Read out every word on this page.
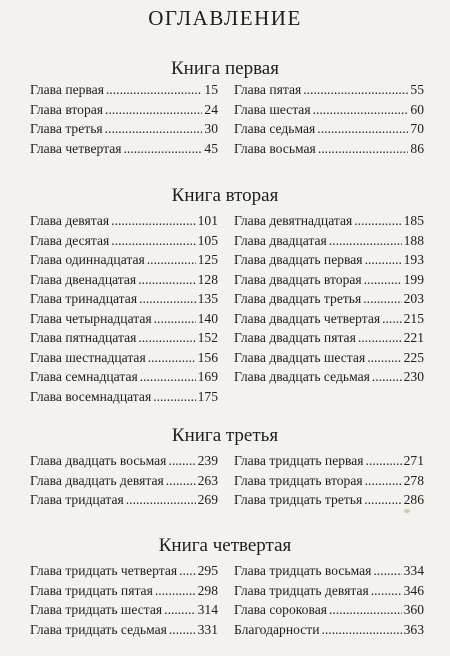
ОГЛАВЛЕНИЕ
Книга первая
Глава первая .....	15
Глава вторая .....	24
Глава третья .....	30
Глава четвертая .....	45
Глава пятая .....	55
Глава шестая .....	60
Глава седьмая .....	70
Глава восьмая .....	86
Книга вторая
Глава девятая .....	101
Глава десятая .....	105
Глава одиннадцатая .....	125
Глава двенадцатая .....	128
Глава тринадцатая .....	135
Глава четырнадцатая .....	140
Глава пятнадцатая .....	152
Глава шестнадцатая .....	156
Глава семнадцатая .....	169
Глава восемнадцатая .....	175
Глава девятнадцатая .....	185
Глава двадцатая .....	188
Глава двадцать первая .....	193
Глава двадцать вторая .....	199
Глава двадцать третья .....	203
Глава двадцать четвертая ..... 215
Глава двадцать пятая .....	221
Глава двадцать шестая .....	225
Глава двадцать седьмая ..... 230
Книга третья
Глава двадцать восьмая ..... 239
Глава двадцать девятая ..... 263
Глава тридцатая .....	269
Глава тридцать первая .....	271
Глава тридцать вторая .....	278
Глава тридцать третья .....	286
Книга четвертая
Глава тридцать четвертая ..... 295
Глава тридцать пятая .....	298
Глава тридцать шестая .....	314
Глава тридцать седьмая ..... 331
Глава тридцать восьмая ..... 334
Глава тридцать девятая .....	346
Глава сороковая .....	360
Благодарности .....	363
